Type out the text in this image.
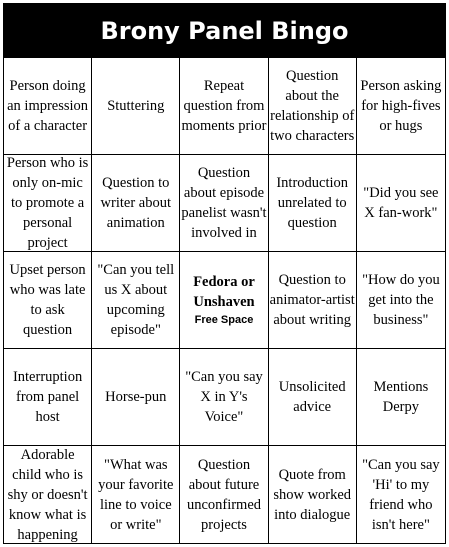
Brony Panel Bingo
Person doing an impression of a character
Stuttering
Repeat question from moments prior
Question about the relationship of two characters
Person asking for high-fives or hugs
Person who is only on-mic to promote a personal project
Question to writer about animation
Question about episode panelist wasn't involved in
Introduction unrelated to question
"Did you see X fan-work"
Upset person who was late to ask question
"Can you tell us X about upcoming episode"
Fedora or Unshaven
Free Space
Question to animator-artist about writing
"How do you get into the business"
Interruption from panel host
Horse-pun
"Can you say X in Y's Voice"
Unsolicited advice
Mentions Derpy
Adorable child who is shy or doesn't know what is happening
"What was your favorite line to voice or write"
Question about future unconfirmed projects
Quote from show worked into dialogue
"Can you say 'Hi' to my friend who isn't here"
